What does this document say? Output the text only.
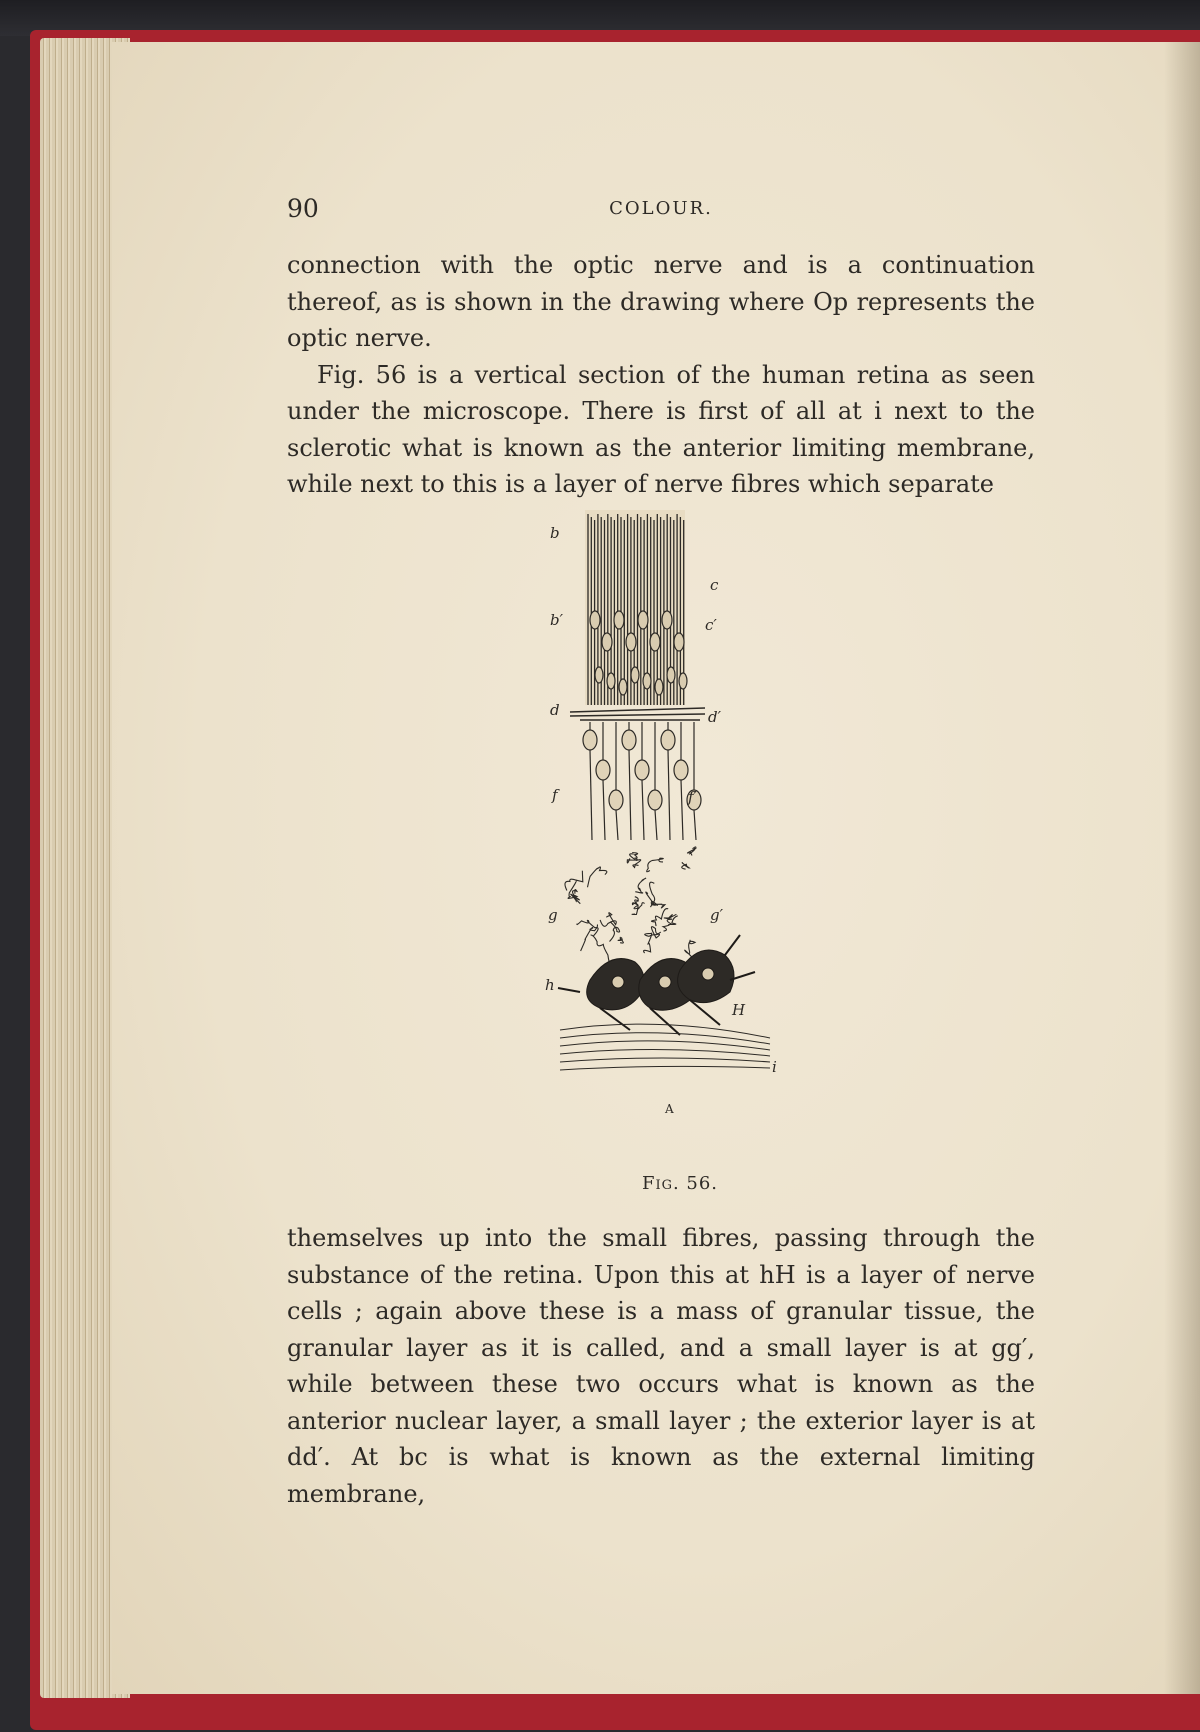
90	COLOUR.

connection with the optic nerve and is a continuation thereof, as is shown in the drawing where Op represents the optic nerve.

Fig. 56 is a vertical section of the human retina as seen under the microscope. There is first of all at i next to the sclerotic what is known as the anterior limiting membrane, while next to this is a layer of nerve fibres which separate

b
c
b′	c′
d	d′
f	f′
g	g′
h
H
i
A
Fig. 56.

themselves up into the small fibres, passing through the substance of the retina. Upon this at hH is a layer of nerve cells ; again above these is a mass of granular tissue, the granular layer as it is called, and a small layer is at gg′, while between these two occurs what is known as the anterior nuclear layer, a small layer ; the exterior layer is at dd′. At bc is what is known as the external limiting membrane,
